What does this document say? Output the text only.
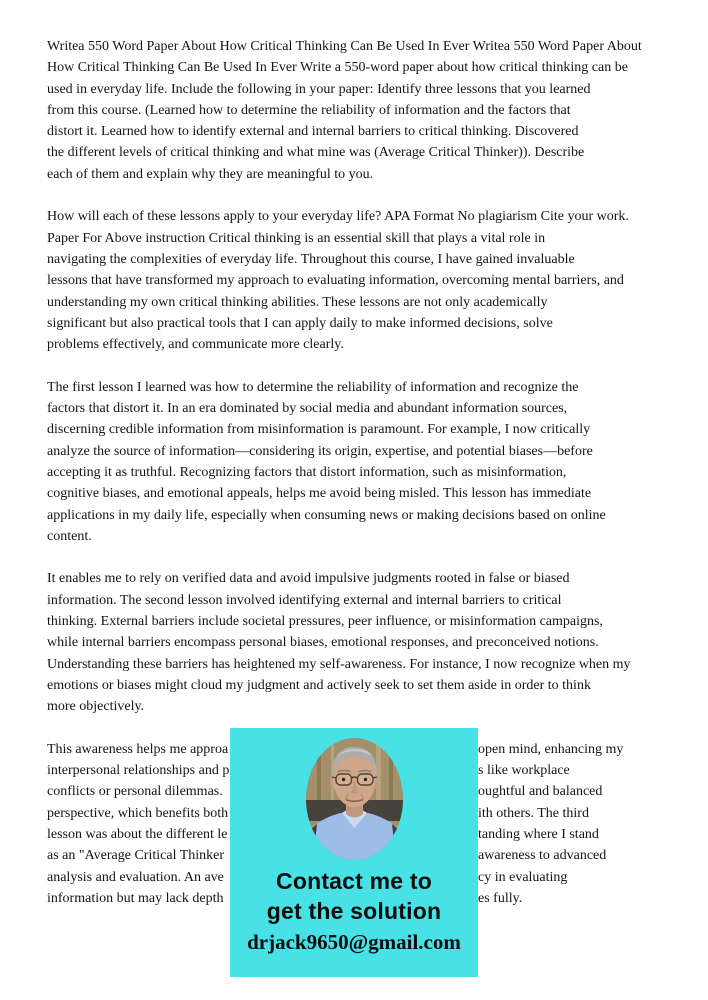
Writea 550 Word Paper About How Critical Thinking Can Be Used In Ever Writea 550 Word Paper About
How Critical Thinking Can Be Used In Ever Write a 550-word paper about how critical thinking can be
used in everyday life. Include the following in your paper: Identify three lessons that you learned
from this course. (Learned how to determine the reliability of information and the factors that
distort it. Learned how to identify external and internal barriers to critical thinking. Discovered
the different levels of critical thinking and what mine was (Average Critical Thinker)). Describe
each of them and explain why they are meaningful to you.
How will each of these lessons apply to your everyday life? APA Format No plagiarism Cite your work.
Paper For Above instruction Critical thinking is an essential skill that plays a vital role in
navigating the complexities of everyday life. Throughout this course, I have gained invaluable
lessons that have transformed my approach to evaluating information, overcoming mental barriers, and
understanding my own critical thinking abilities. These lessons are not only academically
significant but also practical tools that I can apply daily to make informed decisions, solve
problems effectively, and communicate more clearly.
The first lesson I learned was how to determine the reliability of information and recognize the
factors that distort it. In an era dominated by social media and abundant information sources,
discerning credible information from misinformation is paramount. For example, I now critically
analyze the source of information—considering its origin, expertise, and potential biases—before
accepting it as truthful. Recognizing factors that distort information, such as misinformation,
cognitive biases, and emotional appeals, helps me avoid being misled. This lesson has immediate
applications in my daily life, especially when consuming news or making decisions based on online
content.
It enables me to rely on verified data and avoid impulsive judgments rooted in false or biased
information. The second lesson involved identifying external and internal barriers to critical
thinking. External barriers include societal pressures, peer influence, or misinformation campaigns,
while internal barriers encompass personal biases, emotional responses, and preconceived notions.
Understanding these barriers has heightened my self-awareness. For instance, I now recognize when my
emotions or biases might cloud my judgment and actively seek to set them aside in order to think
more objectively.
This awareness helps me approa	open mind, enhancing my
interpersonal relationships and p	s like workplace
conflicts or personal dilemmas.	oughtful and balanced
perspective, which benefits both	ith others. The third
lesson was about the different le	tanding where I stand
as an "Average Critical Thinker	awareness to advanced
analysis and evaluation. An ave	cy in evaluating
information but may lack depth	es fully.
Contact me to
get the solution
drjack9650@gmail.com
